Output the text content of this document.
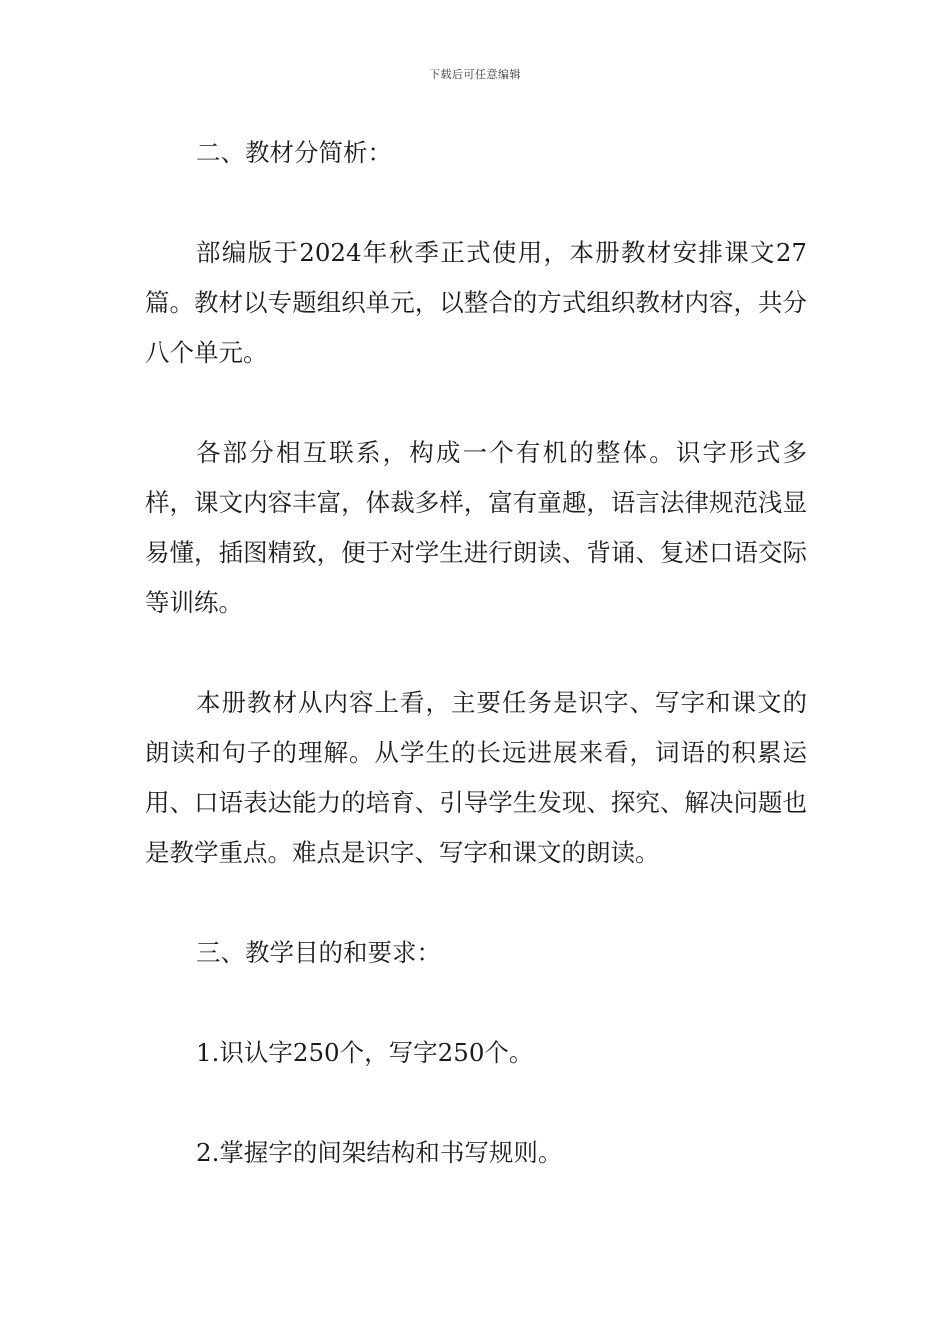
下载后可任意编辑

二、教材分简析：

部编版于2024年秋季正式使用，本册教材安排课文27篇。教材以专题组织单元，以整合的方式组织教材内容，共分八个单元。

各部分相互联系，构成一个有机的整体。识字形式多样，课文内容丰富，体裁多样，富有童趣，语言法律规范浅显易懂，插图精致，便于对学生进行朗读、背诵、复述口语交际等训练。

本册教材从内容上看，主要任务是识字、写字和课文的朗读和句子的理解。从学生的长远进展来看，词语的积累运用、口语表达能力的培育、引导学生发现、探究、解决问题也是教学重点。难点是识字、写字和课文的朗读。

三、教学目的和要求：

1.识认字250个，写字250个。

2.掌握字的间架结构和书写规则。
